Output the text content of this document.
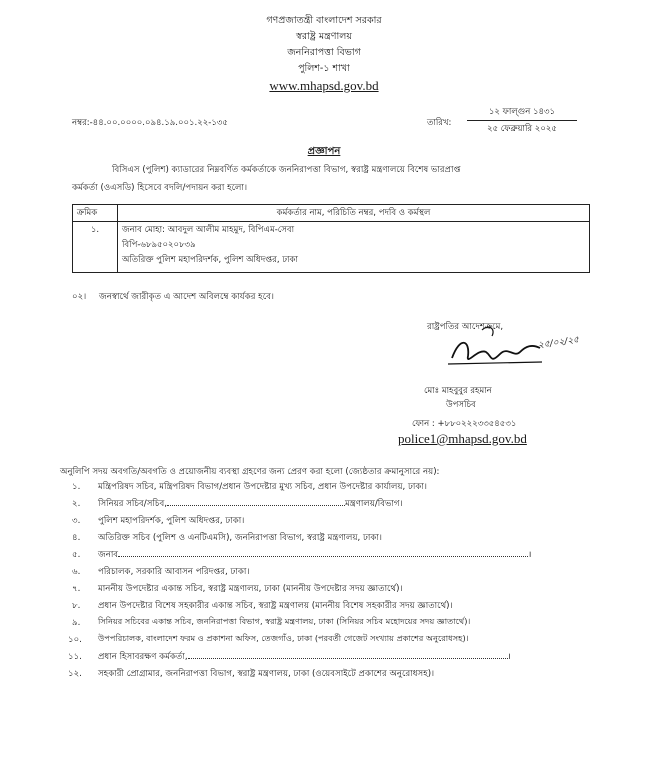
গণপ্রজাতন্ত্রী বাংলাদেশ সরকার
স্বরাষ্ট্র মন্ত্রণালয়
জননিরাপত্তা বিভাগ
পুলিশ-১ শাখা
www.mhapsd.gov.bd
নম্বর:-৪৪.০০.০০০০.০৯৪.১৯.০০১.২২-১৩৫	তারিখ:
১২ ফাল্গুন ১৪৩১
২৫ ফেব্রুয়ারি ২০২৫
প্রজ্ঞাপন
বিসিএস (পুলিশ) ক্যাডারের নিম্নবর্ণিত কর্মকর্তাকে জননিরাপত্তা বিভাগ, স্বরাষ্ট্র মন্ত্রণালয়ে বিশেষ ভারপ্রাপ্ত
কর্মকর্তা (ওএসডি) হিসেবে বদলি/পদায়ন করা হলো।
ক্রমিক	কর্মকর্তার নাম, পরিচিতি নম্বর, পদবি ও কর্মস্থল
১.	জনাব মোহা: আবদুল আলীম মাহমুদ, বিপিএম-সেবা
বিপি-৬৮৯৫০২০৮৩৯
অতিরিক্ত পুলিশ মহাপরিদর্শক, পুলিশ অধিদপ্তর, ঢাকা
০২। জনস্বার্থে জারীকৃত এ আদেশ অবিলম্বে কার্যকর হবে।
রাষ্ট্রপতির আদেশক্রমে,
২৫/০২/২৫
মোঃ মাহবুবুর রহমান
উপসচিব
ফোন : +৮৮০২২২৩৩৫৪৫৩১
police1@mhapsd.gov.bd
অনুলিপি সদয় অবগতি/অবগতি ও প্রয়োজনীয় ব্যবস্থা গ্রহণের জন্য প্রেরণ করা হলো (জ্যেষ্ঠতার ক্রমানুসারে নয়):
১. মন্ত্রিপরিষদ সচিব, মন্ত্রিপরিষদ বিভাগ/প্রধান উপদেষ্টার মুখ্য সচিব, প্রধান উপদেষ্টার কার্যালয়, ঢাকা।
২. সিনিয়র সচিব/সচিব,	মন্ত্রণালয়/বিভাগ।
৩. পুলিশ মহাপরিদর্শক, পুলিশ অধিদপ্তর, ঢাকা।
৪. অতিরিক্ত সচিব (পুলিশ ও এনটিএমসি), জননিরাপত্তা বিভাগ, স্বরাষ্ট্র মন্ত্রণালয়, ঢাকা।
৫. জনাব	।
৬. পরিচালক, সরকারি আবাসন পরিদপ্তর, ঢাকা।
৭. মাননীয় উপদেষ্টার একান্ত সচিব, স্বরাষ্ট্র মন্ত্রণালয়, ঢাকা (মাননীয় উপদেষ্টার সদয় জ্ঞাতার্থে)।
৮. প্রধান উপদেষ্টার বিশেষ সহকারীর একান্ত সচিব, স্বরাষ্ট্র মন্ত্রণালয় (মাননীয় বিশেষ সহকারীর সদয় জ্ঞাতার্থে)।
৯. সিনিয়র সচিবের একান্ত সচিব, জননিরাপত্তা বিভাগ, স্বরাষ্ট্র মন্ত্রণালয়, ঢাকা (সিনিয়র সচিব মহোদয়ের সদয় জ্ঞাতার্থে)।
১০. উপপরিচালক, বাংলাদেশ ফরম ও প্রকাশনা অফিস, তেজগাঁও, ঢাকা (পরবর্তী গেজেট সংখ্যায় প্রকাশের অনুরোধসহ)।
১১. প্রধান হিসাবরক্ষণ কর্মকর্তা,	।
১২. সহকারী প্রোগ্রামার, জননিরাপত্তা বিভাগ, স্বরাষ্ট্র মন্ত্রণালয়, ঢাকা (ওয়েবসাইটে প্রকাশের অনুরোধসহ)।
